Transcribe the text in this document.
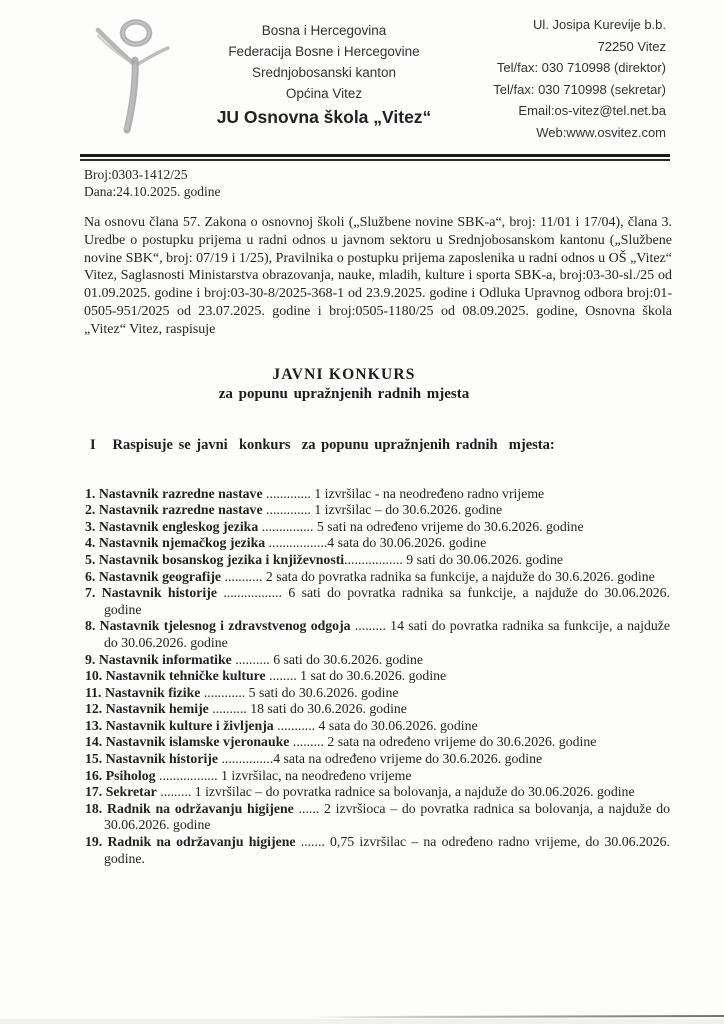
Bosna i Hercegovina
Federacija Bosne i Hercegovine
Srednjobosanski kanton
Općina Vitez
JU Osnovna škola „Vitez“
Ul. Josipa Kurevije b.b.
72250 Vitez
Tel/fax: 030 710998 (direktor)
Tel/fax: 030 710998 (sekretar)
Email:os-vitez@tel.net.ba
Web:www.osvitez.com
Broj:0303-1412/25
Dana:24.10.2025. godine

Na osnovu člana 57. Zakona o osnovnoj školi („Službene novine SBK-a“, broj: 11/01 i 17/04), člana 3. Uredbe o postupku prijema u radni odnos u javnom sektoru u Srednjobosanskom kantonu („Službene novine SBK“, broj: 07/19 i 1/25), Pravilnika o postupku prijema zaposlenika u radni odnos u OŠ „Vitez“ Vitez, Saglasnosti Ministarstva obrazovanja, nauke, mladih, kulture i sporta SBK-a, broj:03-30-sl./25 od 01.09.2025. godine i broj:03-30-8/2025-368-1 od 23.9.2025. godine i Odluka Upravnog odbora broj:01-0505-951/2025 od 23.07.2025. godine i broj:0505-1180/25 od 08.09.2025. godine, Osnovna škola „Vitez“ Vitez, raspisuje

JAVNI KONKURS
za popunu upražnjenih radnih mjesta
I   Raspisuje se javni  konkurs  za popunu upražnjenih radnih  mjesta:
1. Nastavnik razredne nastave ............. 1 izvršilac - na neodređeno radno vrijeme
2. Nastavnik razredne nastave ............. 1 izvršilac – do 30.6.2026. godine
3. Nastavnik engleskog jezika ............... 5 sati na određeno vrijeme do 30.6.2026. godine
4. Nastavnik njemačkog jezika .................4 sata do 30.06.2026. godine
5. Nastavnik bosanskog jezika i književnosti................. 9 sati do 30.06.2026. godine
6. Nastavnik geografije ........... 2 sata do povratka radnika sa funkcije, a najduže do 30.6.2026. godine
7. Nastavnik historije ................. 6 sati do povratka radnika sa funkcije, a najduže do 30.06.2026. godine
8. Nastavnik tjelesnog i zdravstvenog odgoja ......... 14 sati do povratka radnika sa funkcije, a najduže do 30.06.2026. godine
9. Nastavnik informatike .......... 6 sati do 30.6.2026. godine
10. Nastavnik tehničke kulture ........ 1 sat do 30.6.2026. godine
11. Nastavnik fizike ............ 5 sati do 30.6.2026. godine
12. Nastavnik hemije .......... 18 sati do 30.6.2026. godine
13. Nastavnik kulture i življenja ........... 4 sata do 30.06.2026. godine
14. Nastavnik islamske vjeronauke ......... 2 sata na određeno vrijeme do 30.6.2026. godine
15. Nastavnik historije ...............4 sata na određeno vrijeme do 30.6.2026. godine
16. Psiholog ................. 1 izvršilac, na neodređeno vrijeme
17. Sekretar ......... 1 izvršilac – do povratka radnice sa bolovanja, a najduže do 30.06.2026. godine
18. Radnik na održavanju higijene ...... 2 izvršioca – do povratka radnica sa bolovanja, a najduže do 30.06.2026. godine
19. Radnik na održavanju higijene ....... 0,75 izvršilac – na određeno radno vrijeme, do 30.06.2026. godine.
